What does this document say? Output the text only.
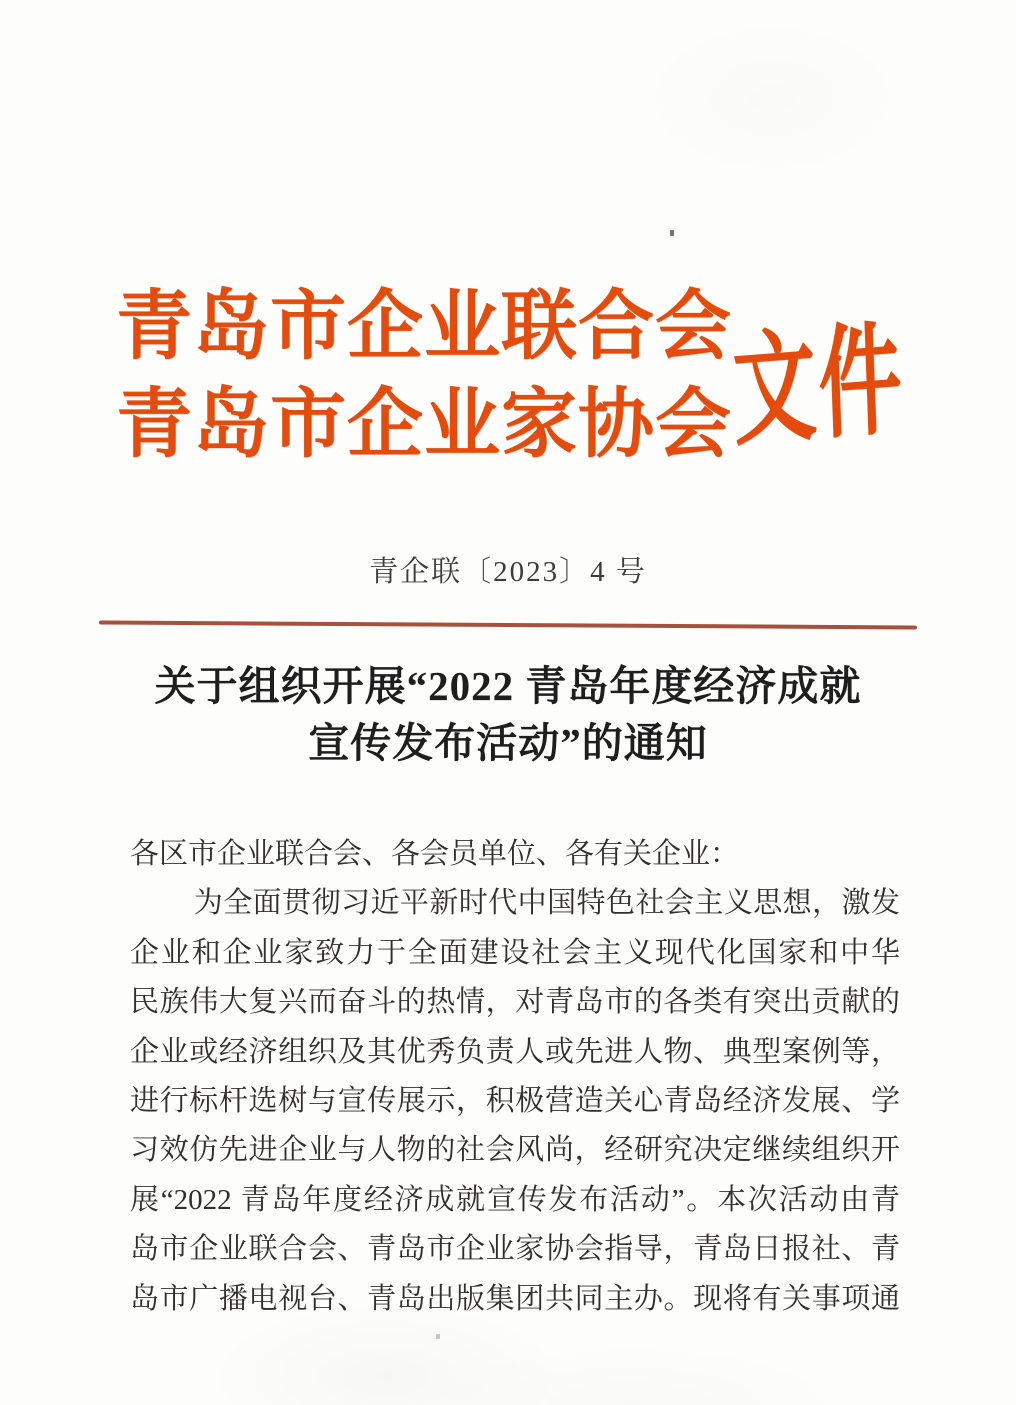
青岛市企业联合会
青岛市企业家协会
文件
青企联〔2023〕4 号
关于组织开展“2022 青岛年度经济成就
宣传发布活动”的通知
各区市企业联合会、各会员单位、各有关企业：
为全面贯彻习近平新时代中国特色社会主义思想，激发
企业和企业家致力于全面建设社会主义现代化国家和中华
民族伟大复兴而奋斗的热情，对青岛市的各类有突出贡献的
企业或经济组织及其优秀负责人或先进人物、典型案例等，
进行标杆选树与宣传展示，积极营造关心青岛经济发展、学
习效仿先进企业与人物的社会风尚，经研究决定继续组织开
展“2022 青岛年度经济成就宣传发布活动”。本次活动由青
岛市企业联合会、青岛市企业家协会指导，青岛日报社、青
岛市广播电视台、青岛出版集团共同主办。现将有关事项通
